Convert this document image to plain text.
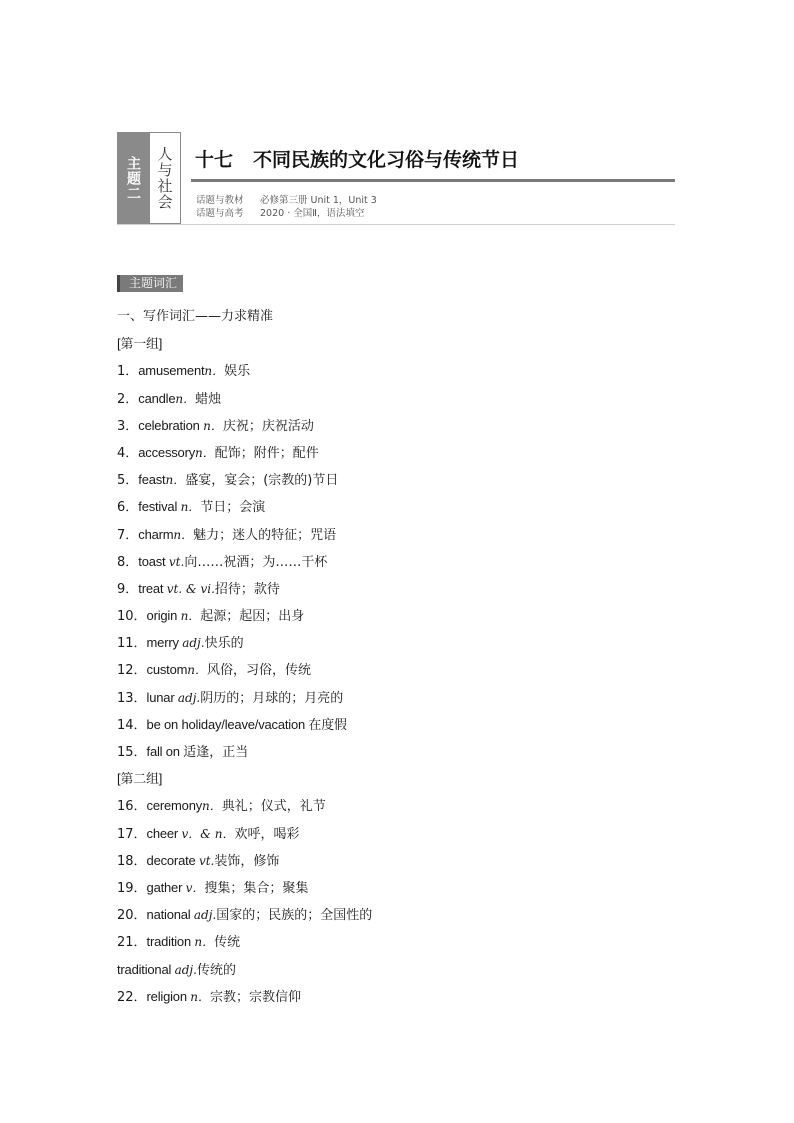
主题二 人与社会	十七 不同民族的文化习俗与传统节日
话题与教材 必修第三册 Unit 1，Unit 3
话题与高考 2020 · 全国Ⅱ，语法填空
主题词汇
一、写作词汇——力求精准
[第一组]
1．amusementn．娱乐
2．candlen．蜡烛
3．celebration n．庆祝；庆祝活动
4．accessoryn．配饰；附件；配件
5．feastn．盛宴，宴会；(宗教的)节日
6．festival n．节日；会演
7．charmn．魅力；迷人的特征；咒语
8．toast vt.向……祝酒；为……干杯
9．treat vt. & vi.招待；款待
10．origin n．起源；起因；出身
11．merry adj.快乐的
12．customn．风俗，习俗，传统
13．lunar adj.阴历的；月球的；月亮的
14．be on holiday/leave/vacation 在度假
15．fall on 适逢，正当
[第二组]
16．ceremonyn．典礼；仪式，礼节
17．cheer v．& n．欢呼，喝彩
18．decorate vt.装饰，修饰
19．gather v．搜集；集合；聚集
20．national adj.国家的；民族的；全国性的
21．tradition n．传统
traditional adj.传统的
22．religion n．宗教；宗教信仰
